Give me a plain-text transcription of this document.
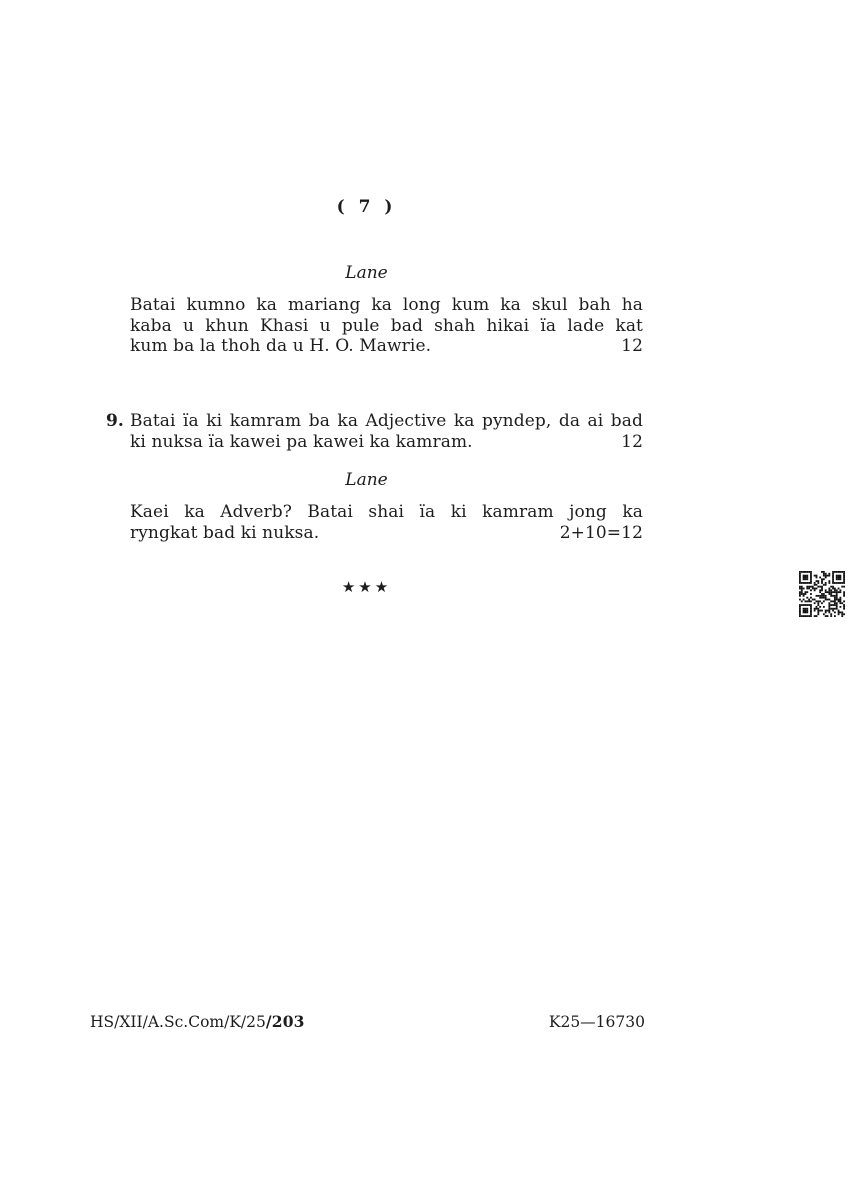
( 7 )
Lane
12
Batai kumno ka mariang ka long kum ka skul bah ha
kaba u khun Khasi u pule bad shah hikai ïa lade kat
kum ba la thoh da u H. O. Mawrie.
9.
12
Batai ïa ki kamram ba ka Adjective ka pyndep, da ai bad
ki nuksa ïa kawei pa kawei ka kamram.
Lane
2+10=12
Kaei ka Adverb? Batai shai ïa ki kamram jong ka
ryngkat bad ki nuksa.
★★★
HS/XII/A.Sc.Com/K/25/203	K25—16730
